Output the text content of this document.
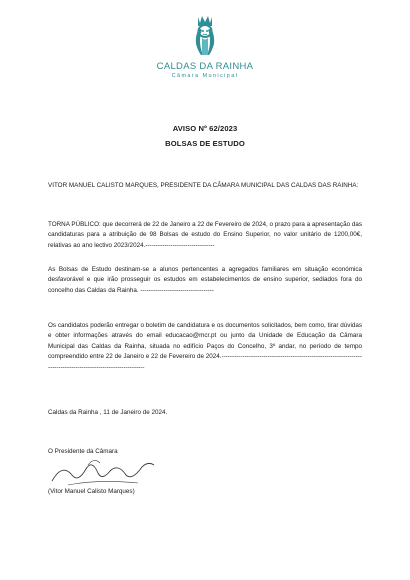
CALDAS DA RAINHA
Câmara Municipal
AVISO Nº 62/2023
BOLSAS DE ESTUDO
VITOR MANUEL CALISTO MARQUES, PRESIDENTE DA CÂMARA MUNICIPAL DAS CALDAS DAS RAINHA:
TORNA PÚBLICO: que decorrerá de 22 de Janeiro a 22 de Fevereiro de 2024, o prazo para a apresentação das candidaturas para a atribuição de 98 Bolsas de estudo do Ensino Superior, no valor unitário de 1200,00€, relativas ao ano lectivo 2023/2024.---------------------------------
As Bolsas de Estudo destinam-se a alunos pertencentes a agregados familiares em situação económica desfavorável e que irão prosseguir os estudos em estabelecimentos de ensino superior, sediados fora do concelho das Caldas da Rainha. -----------------------------------
Os candidatos poderão entregar o boletim de candidatura e os documentos solicitados, bem como, tirar dúvidas e obter informações através do email educacao@mcr.pt ou junto da Unidade de Educação da Câmara Municipal das Caldas da Rainha, situada no edifício Paços do Concelho, 3º andar, no período de tempo compreendido entre 22 de Janeiro e 22 de Fevereiro de 2024.-----------------------------------------------------------------------------------------------------------------
Caldas da Rainha , 11 de Janeiro de 2024.
O Presidente da Câmara
(Vitor Manuel Calisto Marques)
